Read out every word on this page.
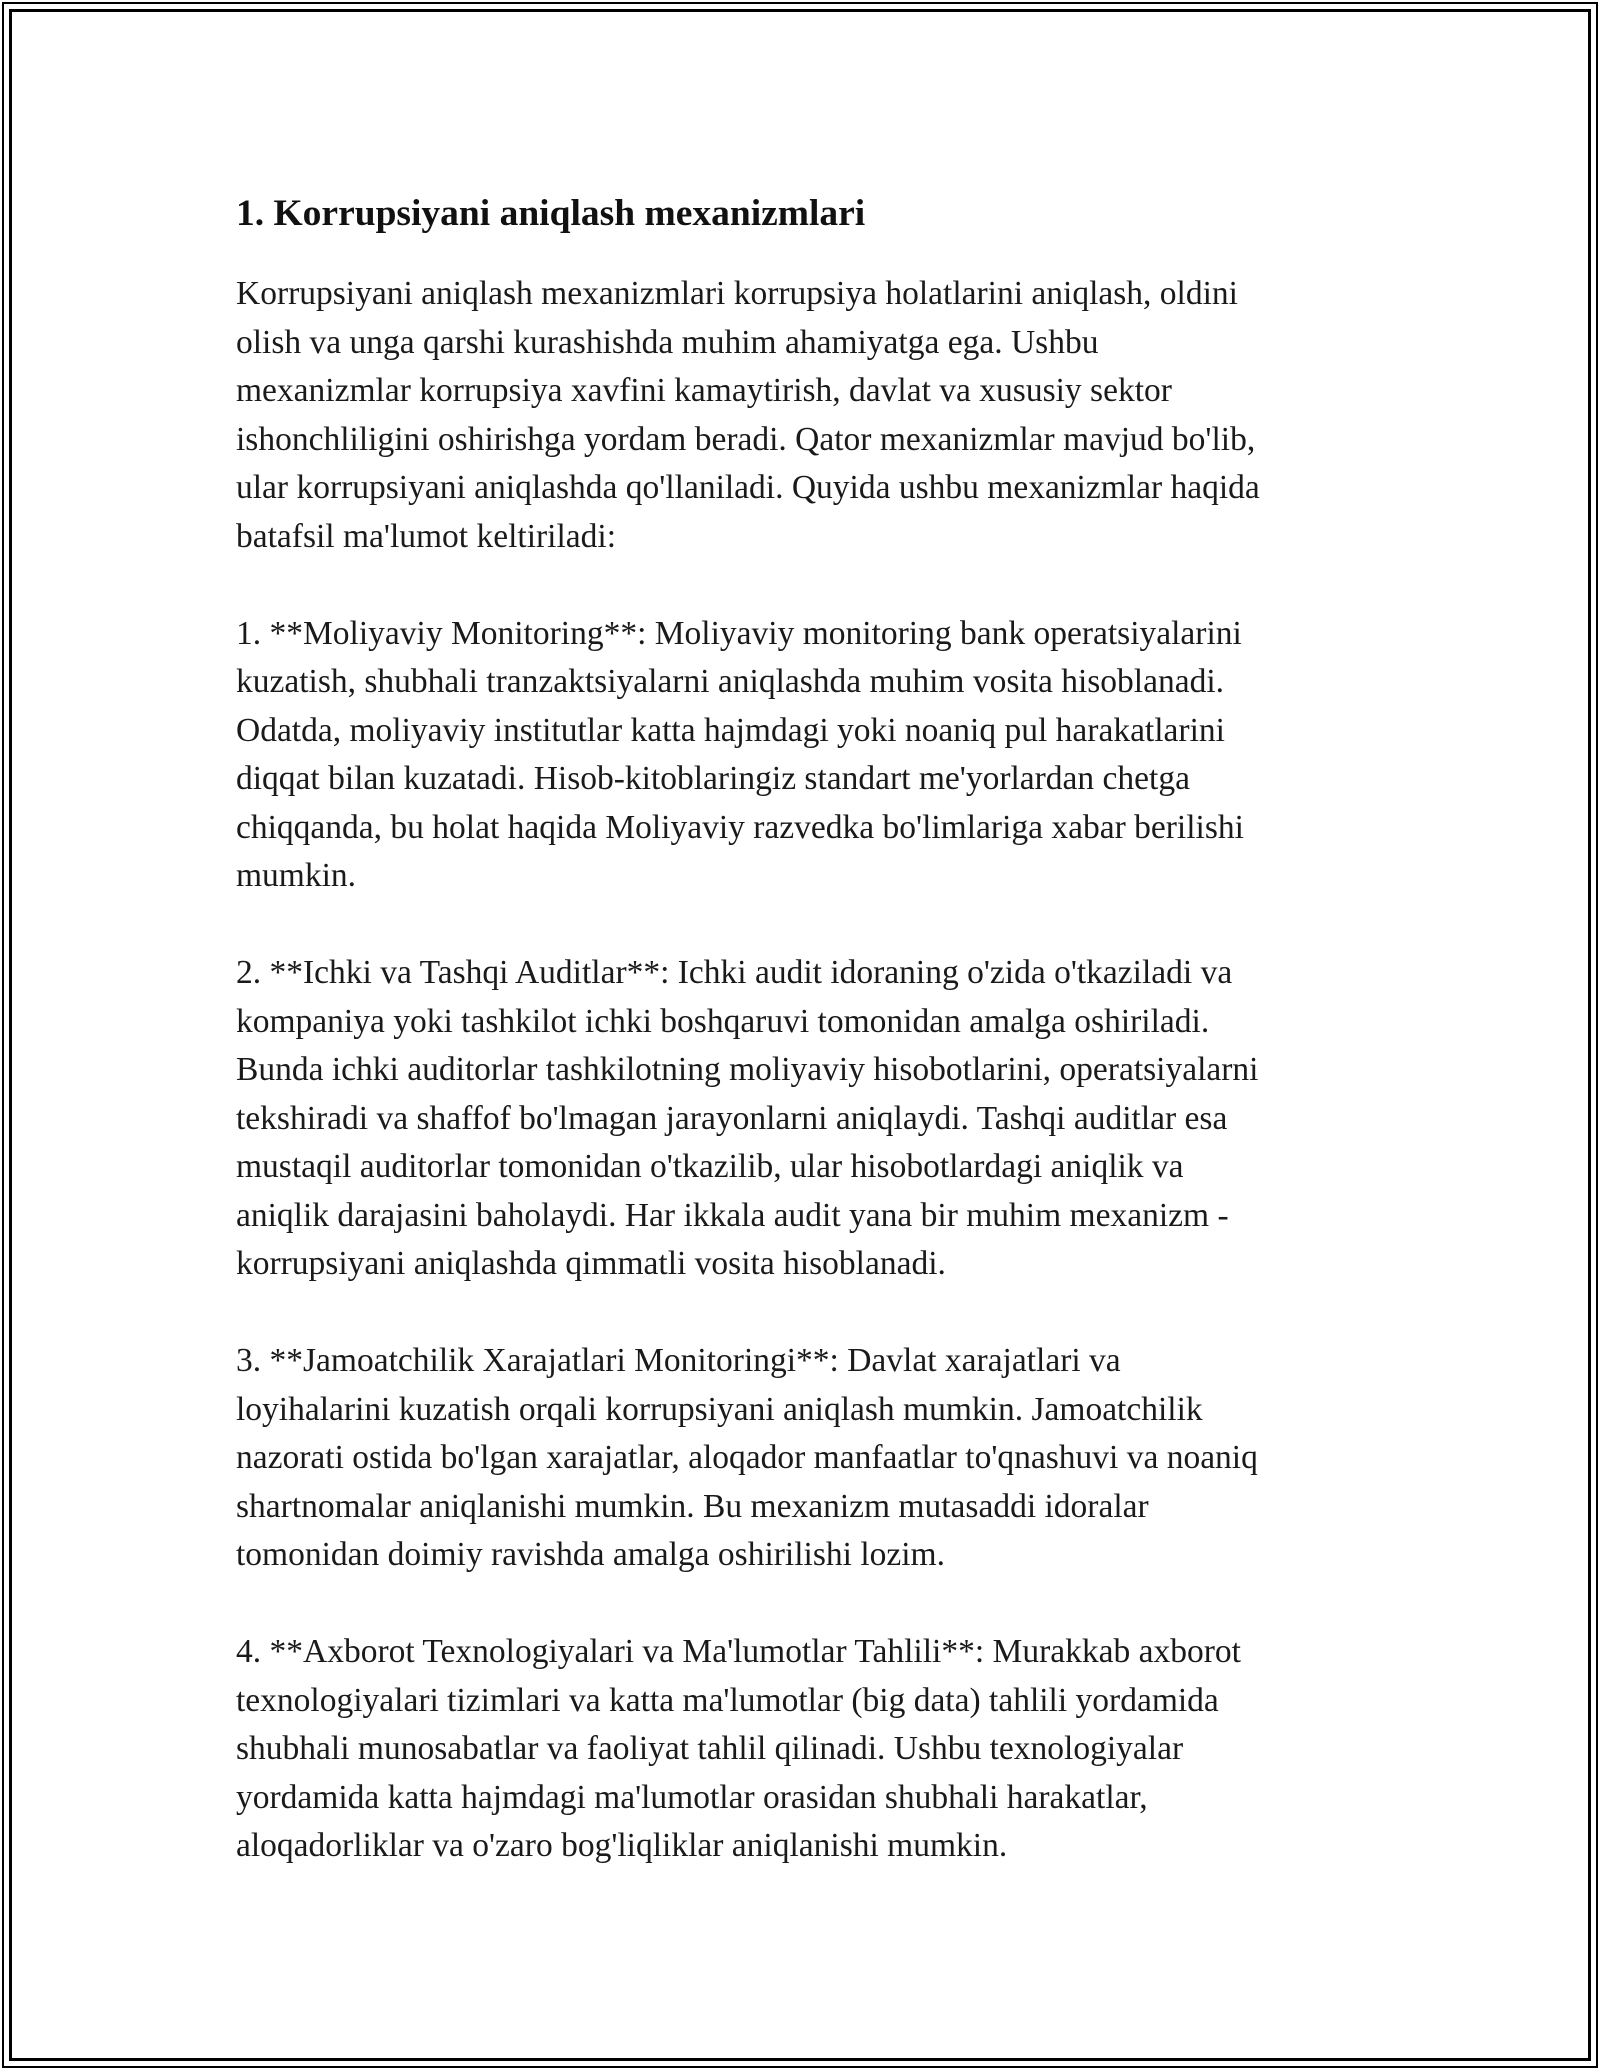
1. Korrupsiyani aniqlash mexanizmlari

Korrupsiyani aniqlash mexanizmlari korrupsiya holatlarini aniqlash, oldini
olish va unga qarshi kurashishda muhim ahamiyatga ega. Ushbu
mexanizmlar korrupsiya xavfini kamaytirish, davlat va xususiy sektor
ishonchliligini oshirishga yordam beradi. Qator mexanizmlar mavjud bo'lib,
ular korrupsiyani aniqlashda qo'llaniladi. Quyida ushbu mexanizmlar haqida
batafsil ma'lumot keltiriladi:

1. **Moliyaviy Monitoring**: Moliyaviy monitoring bank operatsiyalarini
kuzatish, shubhali tranzaktsiyalarni aniqlashda muhim vosita hisoblanadi.
Odatda, moliyaviy institutlar katta hajmdagi yoki noaniq pul harakatlarini
diqqat bilan kuzatadi. Hisob-kitoblaringiz standart me'yorlardan chetga
chiqqanda, bu holat haqida Moliyaviy razvedka bo'limlariga xabar berilishi
mumkin.

2. **Ichki va Tashqi Auditlar**: Ichki audit idoraning o'zida o'tkaziladi va
kompaniya yoki tashkilot ichki boshqaruvi tomonidan amalga oshiriladi.
Bunda ichki auditorlar tashkilotning moliyaviy hisobotlarini, operatsiyalarni
tekshiradi va shaffof bo'lmagan jarayonlarni aniqlaydi. Tashqi auditlar esa
mustaqil auditorlar tomonidan o'tkazilib, ular hisobotlardagi aniqlik va
aniqlik darajasini baholaydi. Har ikkala audit yana bir muhim mexanizm -
korrupsiyani aniqlashda qimmatli vosita hisoblanadi.

3. **Jamoatchilik Xarajatlari Monitoringi**: Davlat xarajatlari va
loyihalarini kuzatish orqali korrupsiyani aniqlash mumkin. Jamoatchilik
nazorati ostida bo'lgan xarajatlar, aloqador manfaatlar to'qnashuvi va noaniq
shartnomalar aniqlanishi mumkin. Bu mexanizm mutasaddi idoralar
tomonidan doimiy ravishda amalga oshirilishi lozim.

4. **Axborot Texnologiyalari va Ma'lumotlar Tahlili**: Murakkab axborot
texnologiyalari tizimlari va katta ma'lumotlar (big data) tahlili yordamida
shubhali munosabatlar va faoliyat tahlil qilinadi. Ushbu texnologiyalar
yordamida katta hajmdagi ma'lumotlar orasidan shubhali harakatlar,
aloqadorliklar va o'zaro bog'liqliklar aniqlanishi mumkin.
